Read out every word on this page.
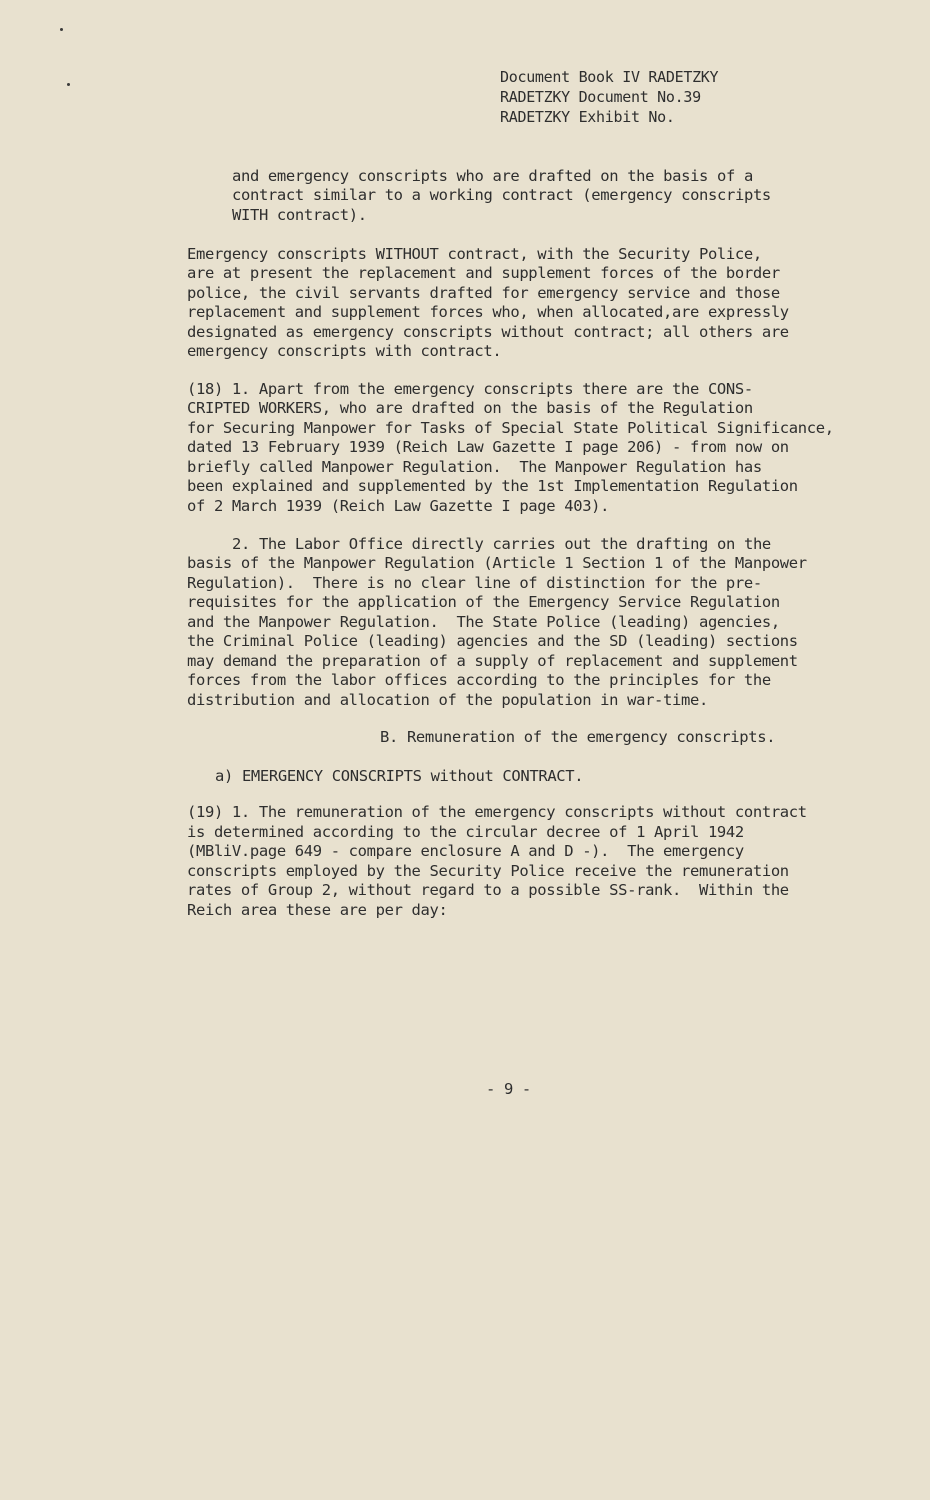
Document Book IV RADETZKY
RADETZKY Document No.39
RADETZKY Exhibit No.
and emergency conscripts who are drafted on the basis of a
contract similar to a working contract (emergency conscripts
WITH contract).
Emergency conscripts WITHOUT contract, with the Security Police,
are at present the replacement and supplement forces of the border
police, the civil servants drafted for emergency service and those
replacement and supplement forces who, when allocated,are expressly
designated as emergency conscripts without contract; all others are
emergency conscripts with contract.
(18) 1. Apart from the emergency conscripts there are the CONS-
CRIPTED WORKERS, who are drafted on the basis of the Regulation
for Securing Manpower for Tasks of Special State Political Significance,
dated 13 February 1939 (Reich Law Gazette I page 206) - from now on
briefly called Manpower Regulation.  The Manpower Regulation has
been explained and supplemented by the 1st Implementation Regulation
of 2 March 1939 (Reich Law Gazette I page 403).
2. The Labor Office directly carries out the drafting on the
basis of the Manpower Regulation (Article 1 Section 1 of the Manpower
Regulation).  There is no clear line of distinction for the pre-
requisites for the application of the Emergency Service Regulation
and the Manpower Regulation.  The State Police (leading) agencies,
the Criminal Police (leading) agencies and the SD (leading) sections
may demand the preparation of a supply of replacement and supplement
forces from the labor offices according to the principles for the
distribution and allocation of the population in war-time.
B. Remuneration of the emergency conscripts.
a) EMERGENCY CONSCRIPTS without CONTRACT.
(19) 1. The remuneration of the emergency conscripts without contract
is determined according to the circular decree of 1 April 1942
(MBliV.page 649 - compare enclosure A and D -).  The emergency
conscripts employed by the Security Police receive the remuneration
rates of Group 2, without regard to a possible SS-rank.  Within the
Reich area these are per day:
- 9 -
